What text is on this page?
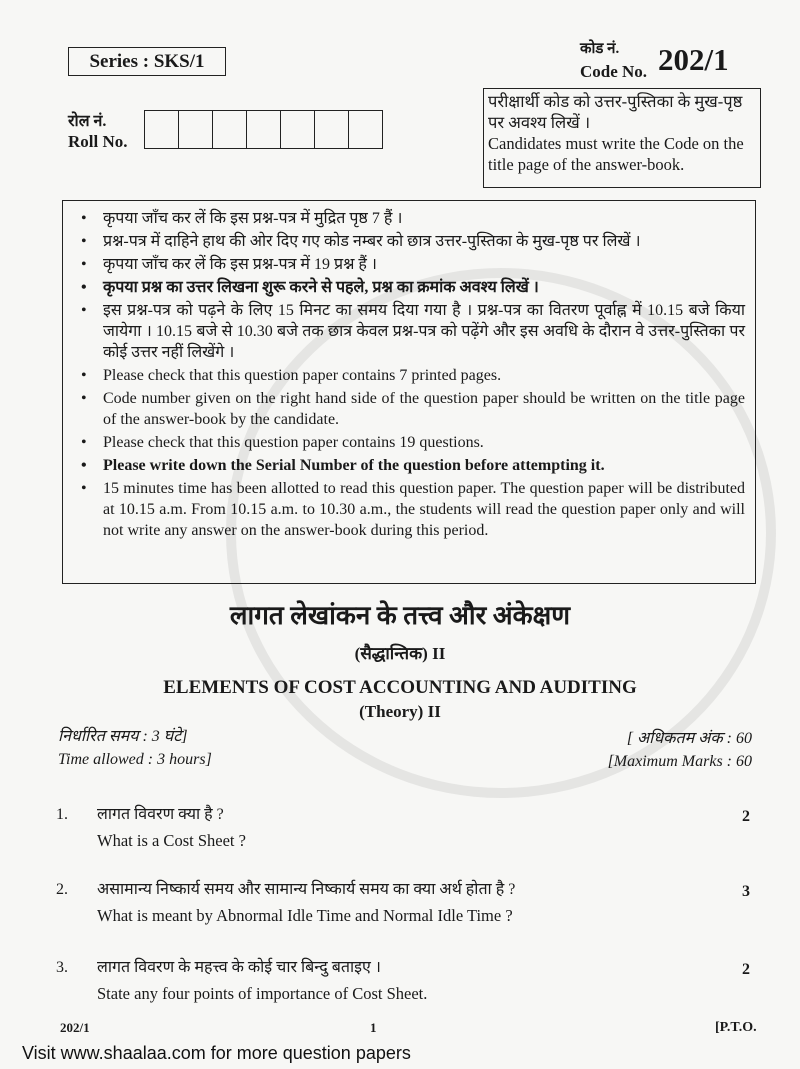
Series : SKS/1
कोड नं.
Code No. 202/1
रोल नं.
Roll No.
परीक्षार्थी कोड को उत्तर-पुस्तिका के मुख-पृष्ठ पर अवश्य लिखें ।
Candidates must write the Code on the title page of the answer-book.
• कृपया जाँच कर लें कि इस प्रश्न-पत्र में मुद्रित पृष्ठ 7 हैं ।
• प्रश्न-पत्र में दाहिने हाथ की ओर दिए गए कोड नम्बर को छात्र उत्तर-पुस्तिका के मुख-पृष्ठ पर लिखें ।
• कृपया जाँच कर लें कि इस प्रश्न-पत्र में 19 प्रश्न हैं ।
• कृपया प्रश्न का उत्तर लिखना शुरू करने से पहले, प्रश्न का क्रमांक अवश्य लिखें ।
• इस प्रश्न-पत्र को पढ़ने के लिए 15 मिनट का समय दिया गया है । प्रश्न-पत्र का वितरण पूर्वाह्न में 10.15 बजे किया जायेगा । 10.15 बजे से 10.30 बजे तक छात्र केवल प्रश्न-पत्र को पढ़ेंगे और इस अवधि के दौरान वे उत्तर-पुस्तिका पर कोई उत्तर नहीं लिखेंगे ।
• Please check that this question paper contains 7 printed pages.
• Code number given on the right hand side of the question paper should be written on the title page of the answer-book by the candidate.
• Please check that this question paper contains 19 questions.
• Please write down the Serial Number of the question before attempting it.
• 15 minutes time has been allotted to read this question paper. The question paper will be distributed at 10.15 a.m. From 10.15 a.m. to 10.30 a.m., the students will read the question paper only and will not write any answer on the answer-book during this period.
लागत लेखांकन के तत्त्व और अंकेक्षण
(सैद्धान्तिक) II
ELEMENTS OF COST ACCOUNTING AND AUDITING
(Theory) II
निर्धारित समय : 3 घंटे]
Time allowed : 3 hours]
[ अधिकतम अंक : 60
[Maximum Marks : 60
1. लागत विवरण क्या है ?
What is a Cost Sheet ?
2
2. असामान्य निष्कार्य समय और सामान्य निष्कार्य समय का क्या अर्थ होता है ?
What is meant by Abnormal Idle Time and Normal Idle Time ?
3
3. लागत विवरण के महत्त्व के कोई चार बिन्दु बताइए ।
State any four points of importance of Cost Sheet.
2
202/1	1	[P.T.O.
Visit www.shaalaa.com for more question papers
